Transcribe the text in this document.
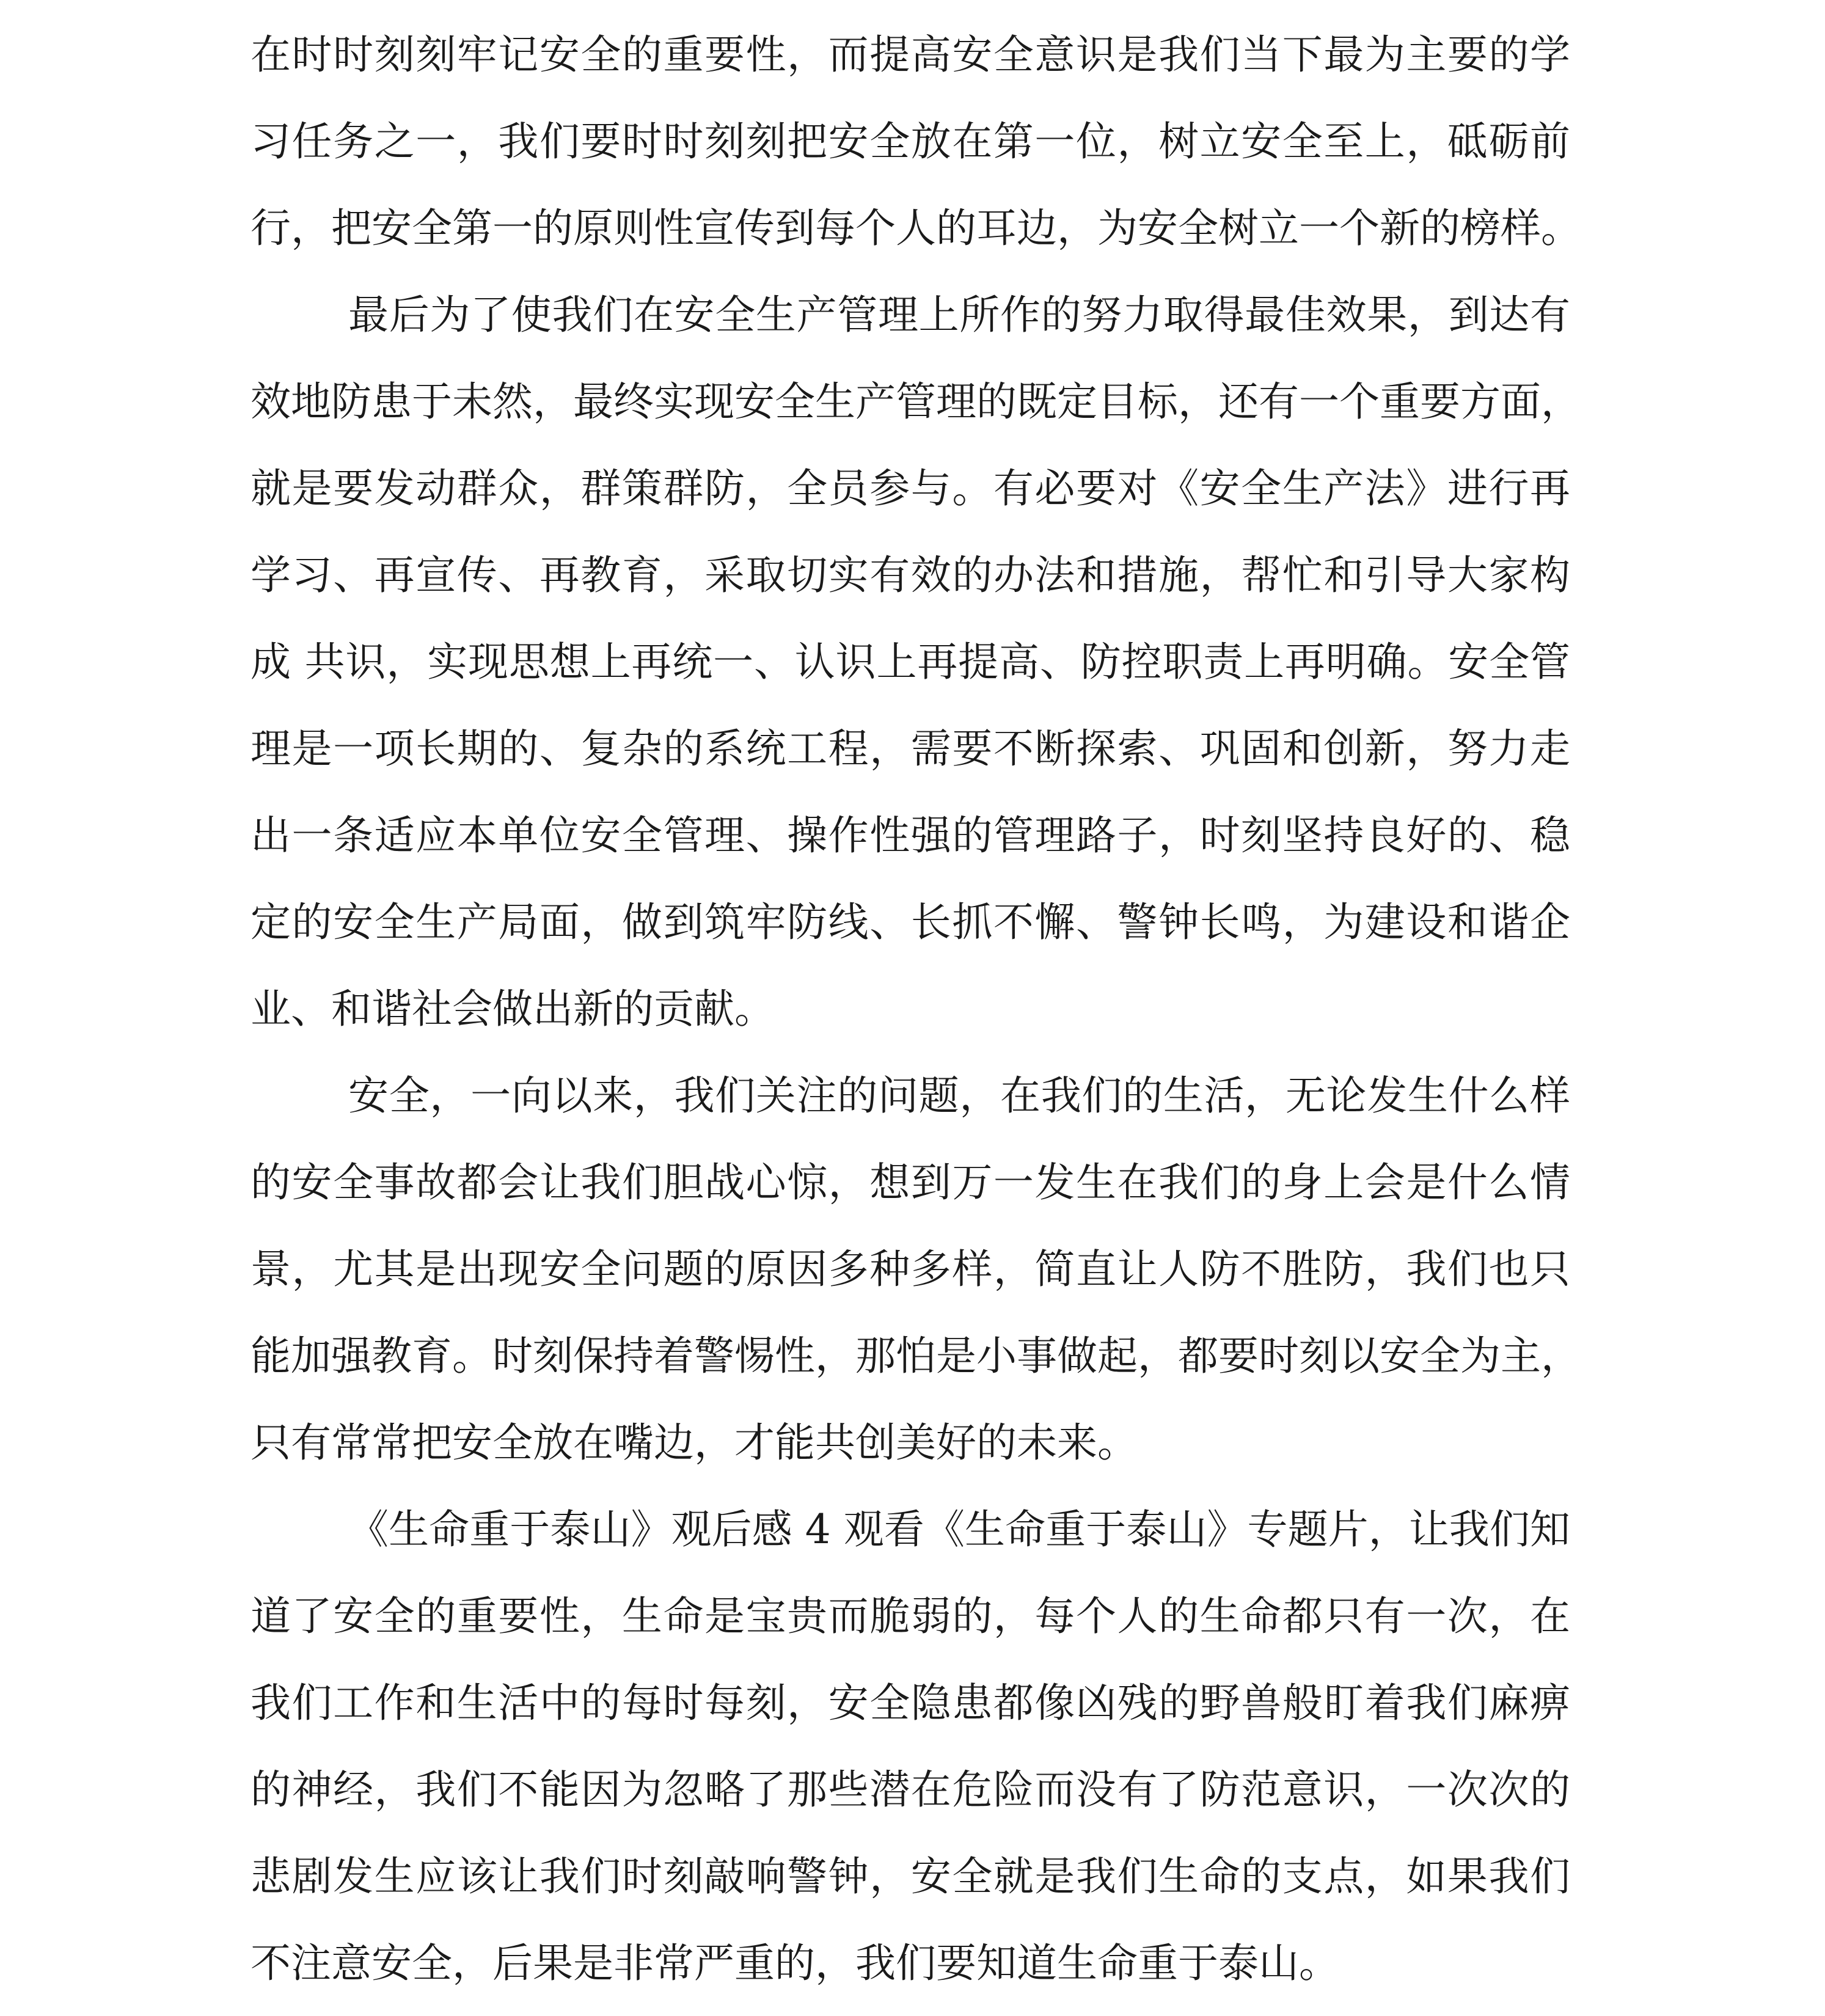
在时时刻刻牢记安全的重要性，而提高安全意识是我们当下最为主要的学
习任务之一，我们要时时刻刻把安全放在第一位，树立安全至上，砥砺前
行，把安全第一的原则性宣传到每个人的耳边，为安全树立一个新的榜样。
最后为了使我们在安全生产管理上所作的努力取得最佳效果，到达有
效地防患于未然，最终实现安全生产管理的既定目标，还有一个重要方面，
就是要发动群众，群策群防，全员参与。有必要对《安全生产法》进行再
学习、再宣传、再教育，采取切实有效的办法和措施，帮忙和引导大家构
成 共识，实现思想上再统一、认识上再提高、防控职责上再明确。安全管
理是一项长期的、复杂的系统工程，需要不断探索、巩固和创新，努力走
出一条适应本单位安全管理、操作性强的管理路子，时刻坚持良好的、稳
定的安全生产局面，做到筑牢防线、长抓不懈、警钟长鸣，为建设和谐企
业、和谐社会做出新的贡献。
安全，一向以来，我们关注的问题，在我们的生活，无论发生什么样
的安全事故都会让我们胆战心惊，想到万一发生在我们的身上会是什么情
景，尤其是出现安全问题的原因多种多样，简直让人防不胜防，我们也只
能加强教育。时刻保持着警惕性，那怕是小事做起，都要时刻以安全为主，
只有常常把安全放在嘴边，才能共创美好的未来。
《生命重于泰山》观后感 4 观看《生命重于泰山》专题片，让我们知
道了安全的重要性，生命是宝贵而脆弱的，每个人的生命都只有一次，在
我们工作和生活中的每时每刻，安全隐患都像凶残的野兽般盯着我们麻痹
的神经，我们不能因为忽略了那些潜在危险而没有了防范意识，一次次的
悲剧发生应该让我们时刻敲响警钟，安全就是我们生命的支点，如果我们
不注意安全，后果是非常严重的，我们要知道生命重于泰山。
